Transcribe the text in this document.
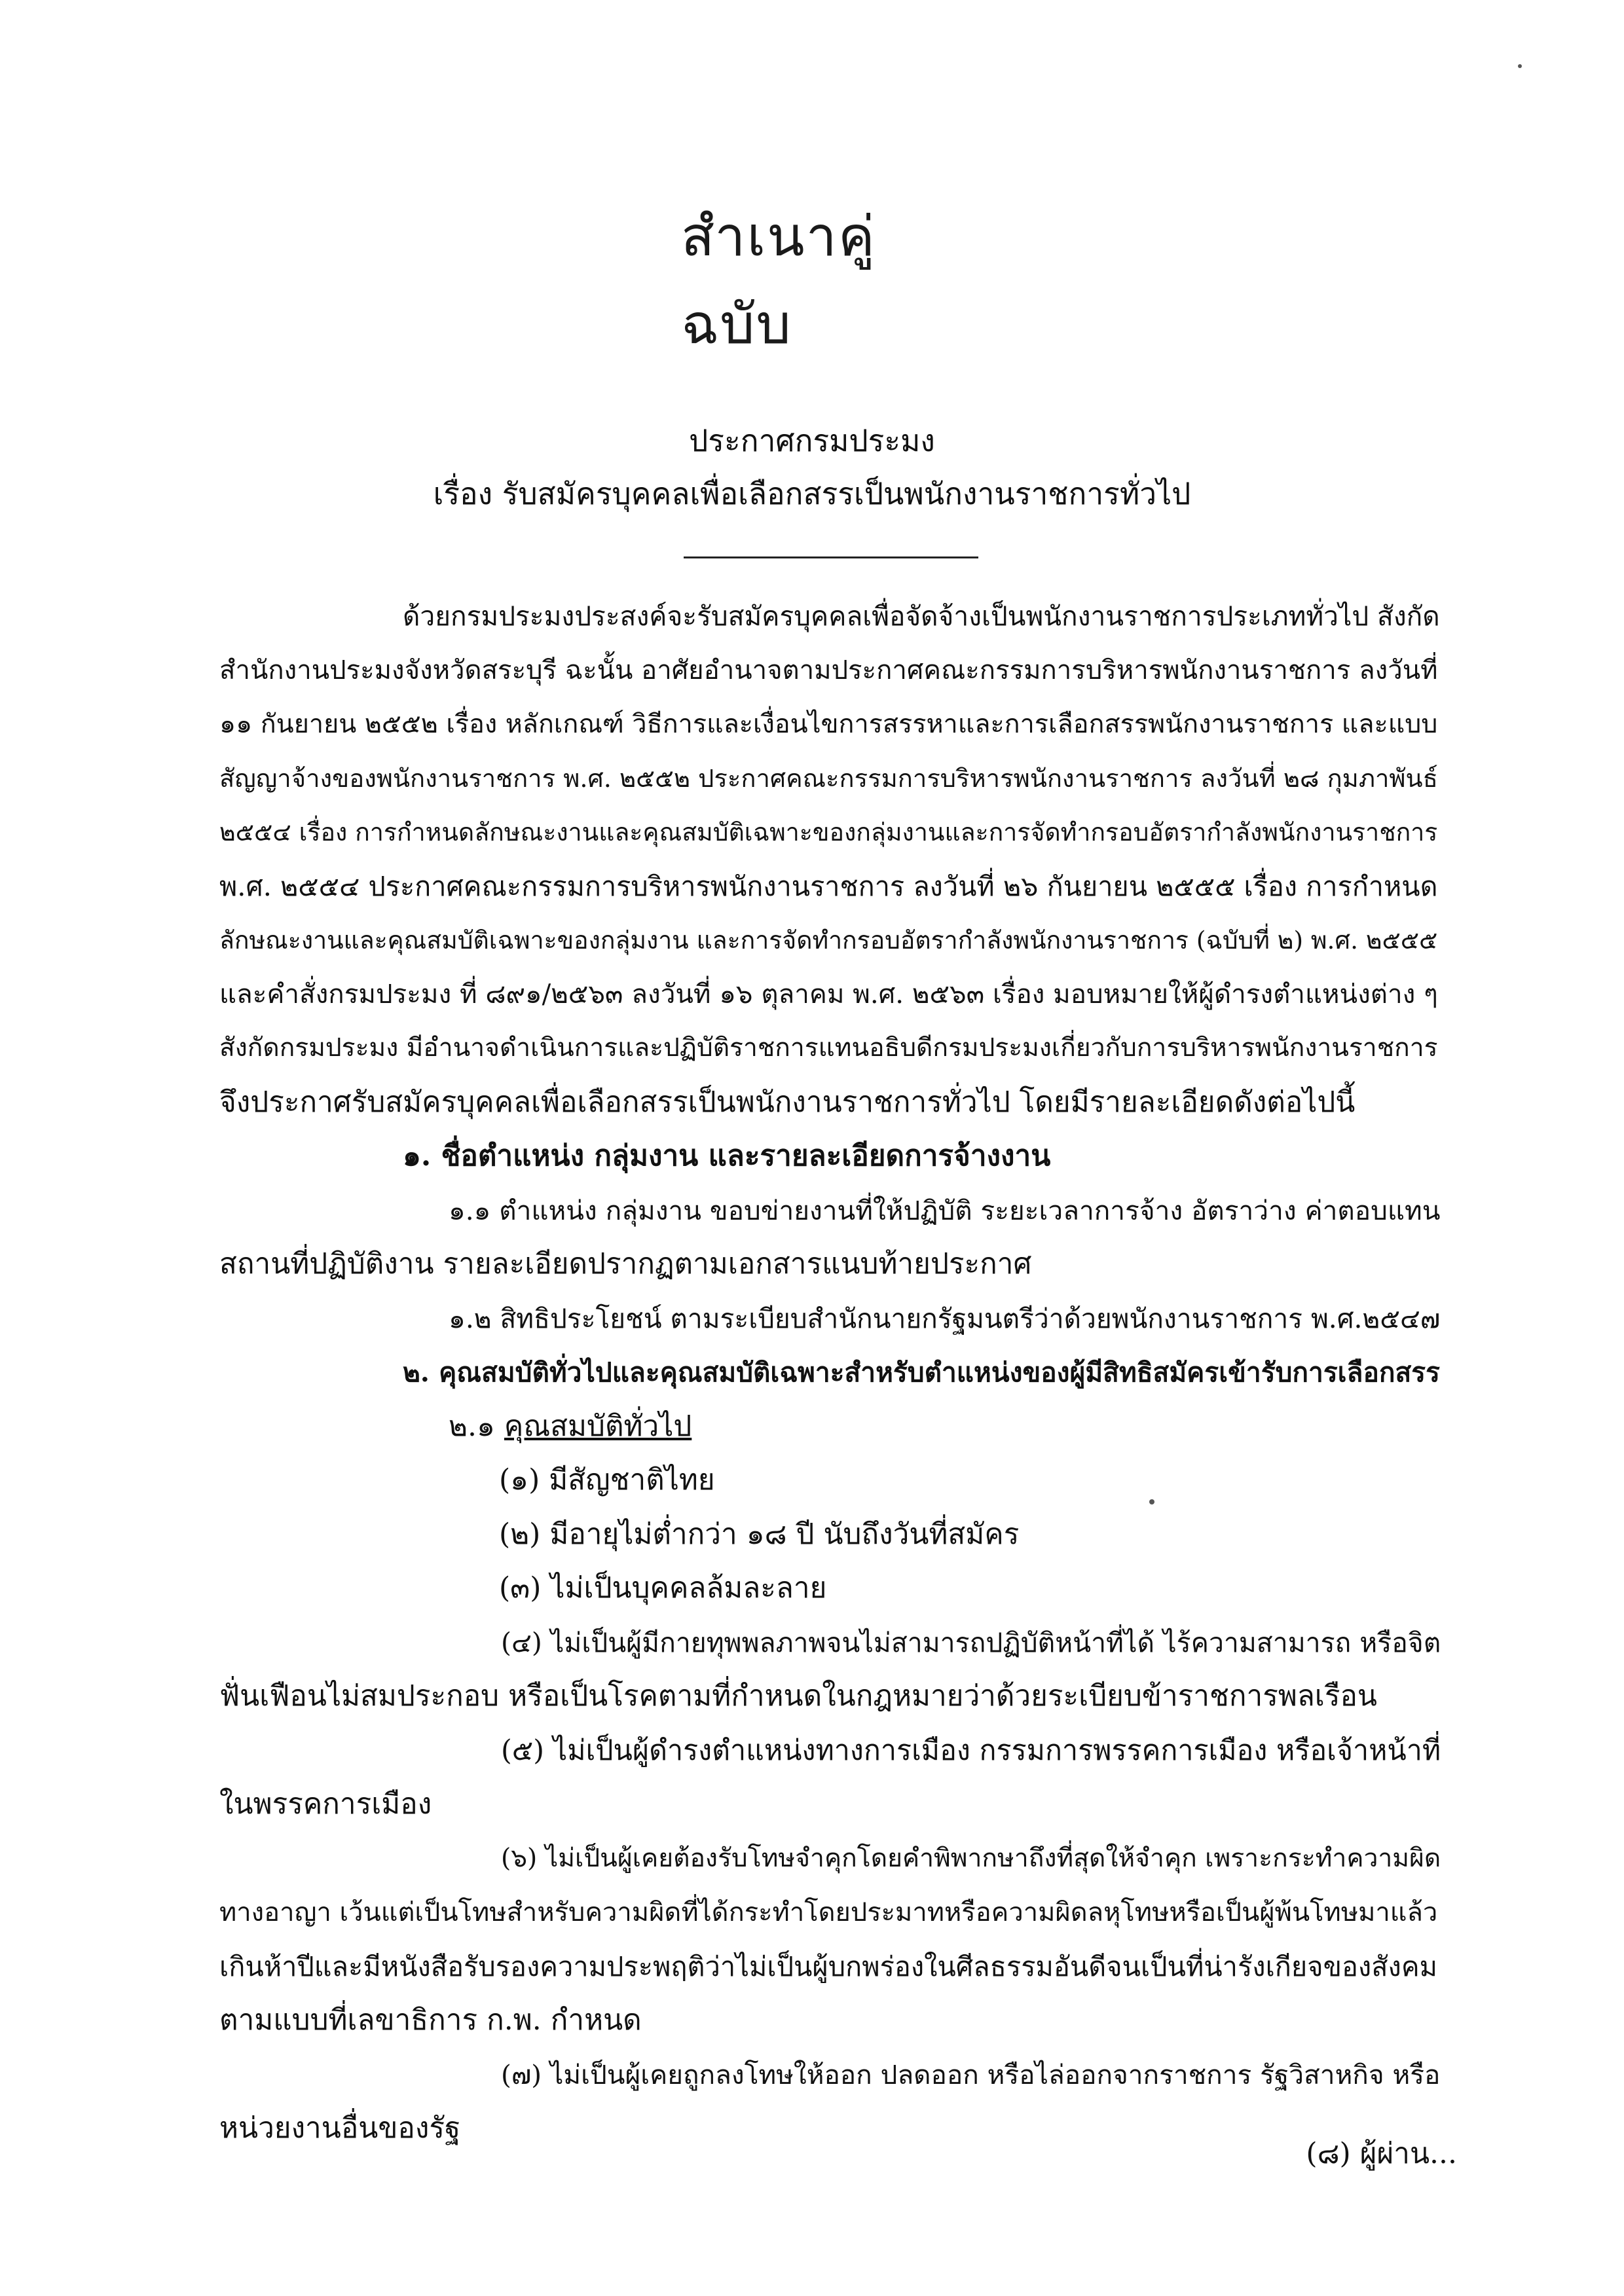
สำเนาคู่ฉบับ
ประกาศกรมประมง
เรื่อง รับสมัครบุคคลเพื่อเลือกสรรเป็นพนักงานราชการทั่วไป
ด้วยกรมประมงประสงค์จะรับสมัครบุคคลเพื่อจัดจ้างเป็นพนักงานราชการประเภททั่วไป สังกัด
สำนักงานประมงจังหวัดสระบุรี ฉะนั้น อาศัยอำนาจตามประกาศคณะกรรมการบริหารพนักงานราชการ ลงวันที่
๑๑ กันยายน ๒๕๕๒ เรื่อง หลักเกณฑ์ วิธีการและเงื่อนไขการสรรหาและการเลือกสรรพนักงานราชการ และแบบ
สัญญาจ้างของพนักงานราชการ พ.ศ. ๒๕๕๒ ประกาศคณะกรรมการบริหารพนักงานราชการ ลงวันที่ ๒๘ กุมภาพันธ์
๒๕๕๔ เรื่อง การกำหนดลักษณะงานและคุณสมบัติเฉพาะของกลุ่มงานและการจัดทำกรอบอัตรากำลังพนักงานราชการ
พ.ศ. ๒๕๕๔ ประกาศคณะกรรมการบริหารพนักงานราชการ ลงวันที่ ๒๖ กันยายน ๒๕๕๕ เรื่อง การกำหนด
ลักษณะงานและคุณสมบัติเฉพาะของกลุ่มงาน และการจัดทำกรอบอัตรากำลังพนักงานราชการ (ฉบับที่ ๒) พ.ศ. ๒๕๕๕
และคำสั่งกรมประมง ที่ ๘๙๑/๒๕๖๓ ลงวันที่ ๑๖ ตุลาคม พ.ศ. ๒๕๖๓ เรื่อง มอบหมายให้ผู้ดำรงตำแหน่งต่าง ๆ
สังกัดกรมประมง มีอำนาจดำเนินการและปฏิบัติราชการแทนอธิบดีกรมประมงเกี่ยวกับการบริหารพนักงานราชการ
จึงประกาศรับสมัครบุคคลเพื่อเลือกสรรเป็นพนักงานราชการทั่วไป โดยมีรายละเอียดดังต่อไปนี้
๑. ชื่อตำแหน่ง กลุ่มงาน และรายละเอียดการจ้างงาน
๑.๑ ตำแหน่ง กลุ่มงาน ขอบข่ายงานที่ให้ปฏิบัติ ระยะเวลาการจ้าง อัตราว่าง ค่าตอบแทน
สถานที่ปฏิบัติงาน รายละเอียดปรากฏตามเอกสารแนบท้ายประกาศ
๑.๒ สิทธิประโยชน์ ตามระเบียบสำนักนายกรัฐมนตรีว่าด้วยพนักงานราชการ พ.ศ.๒๕๔๗
๒. คุณสมบัติทั่วไปและคุณสมบัติเฉพาะสำหรับตำแหน่งของผู้มีสิทธิสมัครเข้ารับการเลือกสรร
๒.๑ คุณสมบัติทั่วไป
(๑) มีสัญชาติไทย
(๒) มีอายุไม่ต่ำกว่า ๑๘ ปี นับถึงวันที่สมัคร
(๓) ไม่เป็นบุคคลล้มละลาย
(๔) ไม่เป็นผู้มีกายทุพพลภาพจนไม่สามารถปฏิบัติหน้าที่ได้ ไร้ความสามารถ หรือจิต
ฟั่นเฟือนไม่สมประกอบ หรือเป็นโรคตามที่กำหนดในกฎหมายว่าด้วยระเบียบข้าราชการพลเรือน
(๕) ไม่เป็นผู้ดำรงตำแหน่งทางการเมือง กรรมการพรรคการเมือง หรือเจ้าหน้าที่
ในพรรคการเมือง
(๖) ไม่เป็นผู้เคยต้องรับโทษจำคุกโดยคำพิพากษาถึงที่สุดให้จำคุก เพราะกระทำความผิด
ทางอาญา เว้นแต่เป็นโทษสำหรับความผิดที่ได้กระทำโดยประมาทหรือความผิดลหุโทษหรือเป็นผู้พ้นโทษมาแล้ว
เกินห้าปีและมีหนังสือรับรองความประพฤติว่าไม่เป็นผู้บกพร่องในศีลธรรมอันดีจนเป็นที่น่ารังเกียจของสังคม
ตามแบบที่เลขาธิการ ก.พ. กำหนด
(๗) ไม่เป็นผู้เคยถูกลงโทษให้ออก ปลดออก หรือไล่ออกจากราชการ รัฐวิสาหกิจ หรือ
หน่วยงานอื่นของรัฐ
(๘) ผู้ผ่าน...
